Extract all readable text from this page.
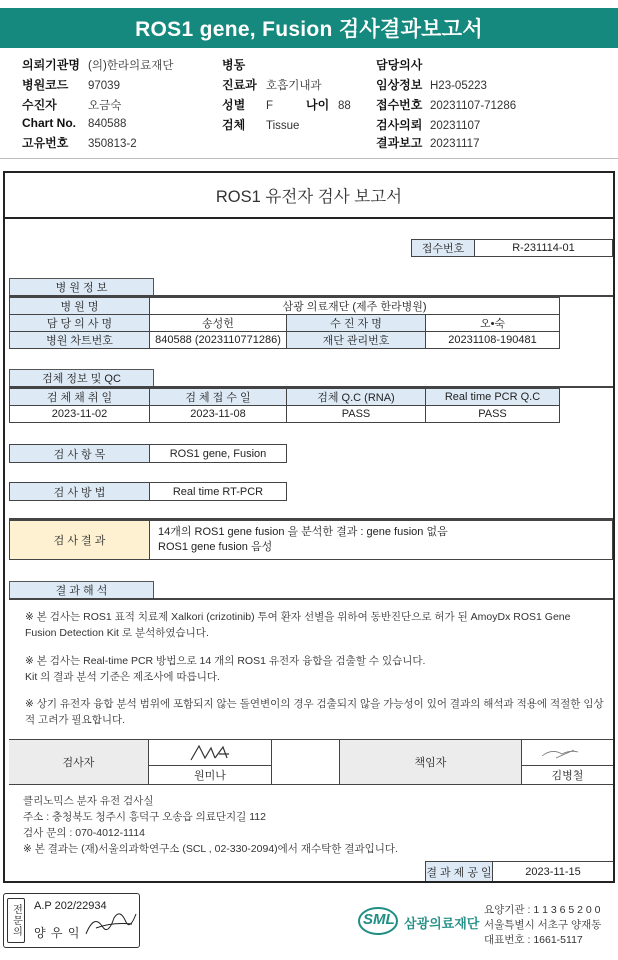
ROS1 gene, Fusion 검사결과보고서
의뢰기관명 (의)한라의료재단
병원코드 97039
수진자	오금숙
Chart No. 840588
고유번호 350813-2
병동
진료과 호흡기내과
성별 F	나이 88
검체 Tissue
담당의사
임상정보 H23-05223
접수번호 20231107-71286
검사의뢰 20231107
결과보고 20231117
ROS1 유전자 검사 보고서
접수번호	R-231114-01
병 원 정 보
병 원 명	삼광 의료재단 (제주 한라병원)
담 당 의 사 명	송성헌	수 진 자 명	오•숙
병원 차트번호	840588 (2023110771286)	재단 관리번호	20231108-190481
검체 정보 및 QC
검 체 채 취 일	검 체 접 수 일	검체 Q.C (RNA)	Real time PCR Q.C
2023-11-02	2023-11-08	PASS	PASS
검 사 항 목	ROS1 gene, Fusion
검 사 방 법	Real time RT-PCR
검 사 결 과
14개의 ROS1 gene fusion 을 분석한 결과 : gene fusion 없음
ROS1 gene fusion 음성
결 과 해 석
※ 본 검사는 ROS1 표적 치료제 Xalkori (crizotinib) 투여 환자 선별을 위하여 동반진단으로 허가 된 AmoyDx ROS1 Gene
Fusion Detection Kit 로 분석하였습니다.
※ 본 검사는 Real-time PCR 방법으로 14 개의 ROS1 유전자 융합을 검출할 수 있습니다.
Kit 의 결과 분석 기준은 제조사에 따릅니다.
※ 상기 유전자 융합 분석 범위에 포함되지 않는 돌연변이의 경우 검출되지 않을 가능성이 있어 결과의 해석과 적용에 적절한 임상
적 고려가 필요합니다.
검사자
원미나
책임자
김병철
클리노믹스 분자 유전 검사실
주소 : 충청북도 청주시 흥덕구 오송읍 의료단지길 112
검사 문의 : 070-4012-1114
※ 본 결과는 (재)서울의과학연구소 (SCL , 02-330-2094)에서 재수탁한 결과입니다.
결 과 제 공 일	2023-11-15
전문의	A.P 202/22934
양 우 익
SML 삼광의료재단
요양기관 : 1 1 3 6 5 2 0 0
서울특별시 서초구 양재동
대표번호 : 1661-5117
